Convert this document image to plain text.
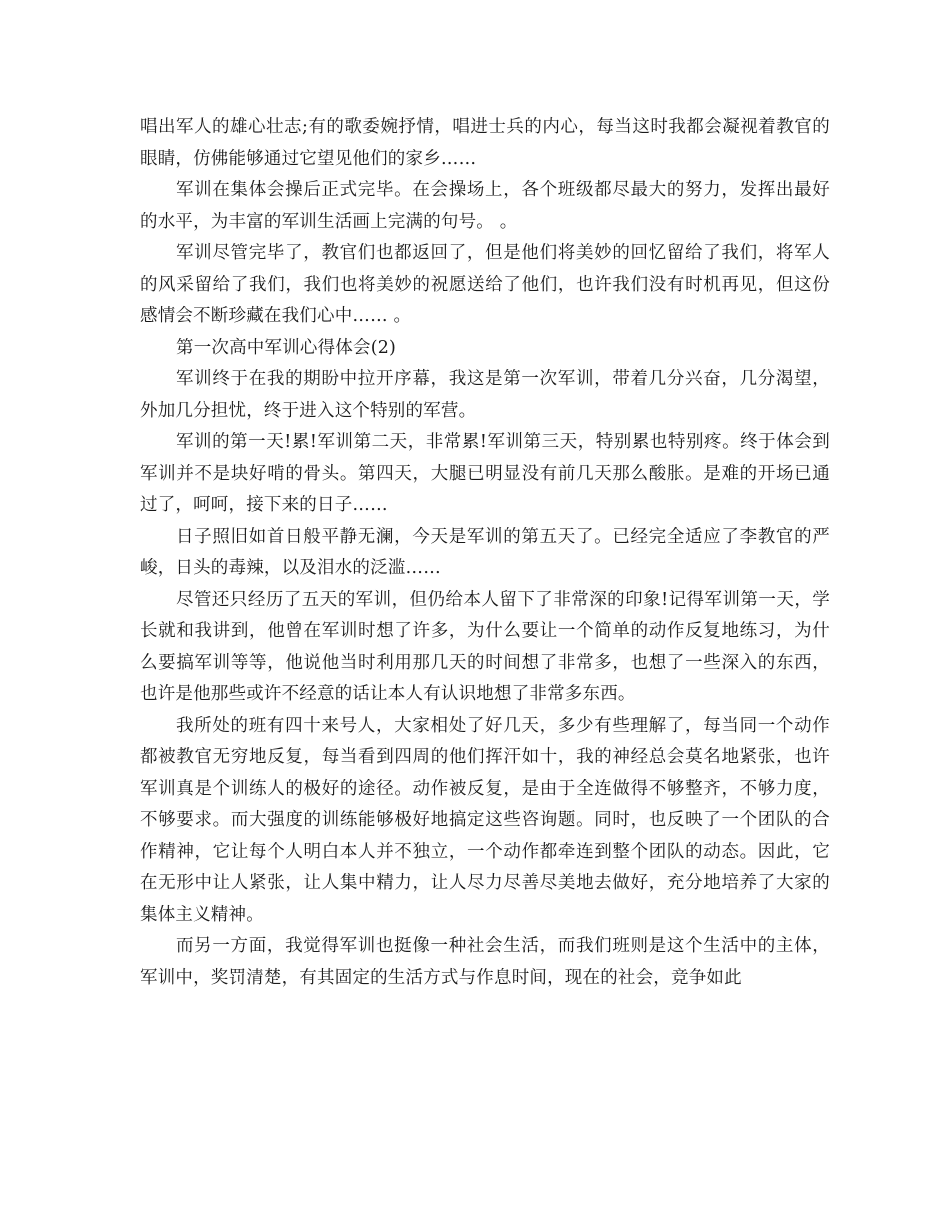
唱出军人的雄心壮志;有的歌委婉抒情，唱进士兵的内心，每当这时我都会凝视着教官的眼睛，仿佛能够通过它望见他们的家乡……

军训在集体会操后正式完毕。在会操场上，各个班级都尽最大的努力，发挥出最好的水平，为丰富的军训生活画上完满的句号。 。

军训尽管完毕了，教官们也都返回了，但是他们将美妙的回忆留给了我们，将军人的风采留给了我们，我们也将美妙的祝愿送给了他们，也许我们没有时机再见，但这份感情会不断珍藏在我们心中…… 。

第一次高中军训心得体会(2)

军训终于在我的期盼中拉开序幕，我这是第一次军训，带着几分兴奋，几分渴望，外加几分担忧，终于进入这个特别的军营。

军训的第一天!累!军训第二天，非常累!军训第三天，特别累也特别疼。终于体会到军训并不是块好啃的骨头。第四天，大腿已明显没有前几天那么酸胀。是难的开场已通过了，呵呵，接下来的日子……

日子照旧如首日般平静无澜，今天是军训的第五天了。已经完全适应了李教官的严峻，日头的毒辣，以及泪水的泛滥……

尽管还只经历了五天的军训，但仍给本人留下了非常深的印象!记得军训第一天，学长就和我讲到，他曾在军训时想了许多，为什么要让一个简单的动作反复地练习，为什么要搞军训等等，他说他当时利用那几天的时间想了非常多，也想了一些深入的东西，也许是他那些或许不经意的话让本人有认识地想了非常多东西。

我所处的班有四十来号人，大家相处了好几天，多少有些理解了，每当同一个动作都被教官无穷地反复，每当看到四周的他们挥汗如十，我的神经总会莫名地紧张，也许军训真是个训练人的极好的途径。动作被反复，是由于全连做得不够整齐，不够力度，不够要求。而大强度的训练能够极好地搞定这些咨询题。同时，也反映了一个团队的合作精神，它让每个人明白本人并不独立，一个动作都牵连到整个团队的动态。因此，它在无形中让人紧张，让人集中精力，让人尽力尽善尽美地去做好，充分地培养了大家的集体主义精神。

而另一方面，我觉得军训也挺像一种社会生活，而我们班则是这个生活中的主体，军训中，奖罚清楚，有其固定的生活方式与作息时间，现在的社会，竞争如此
